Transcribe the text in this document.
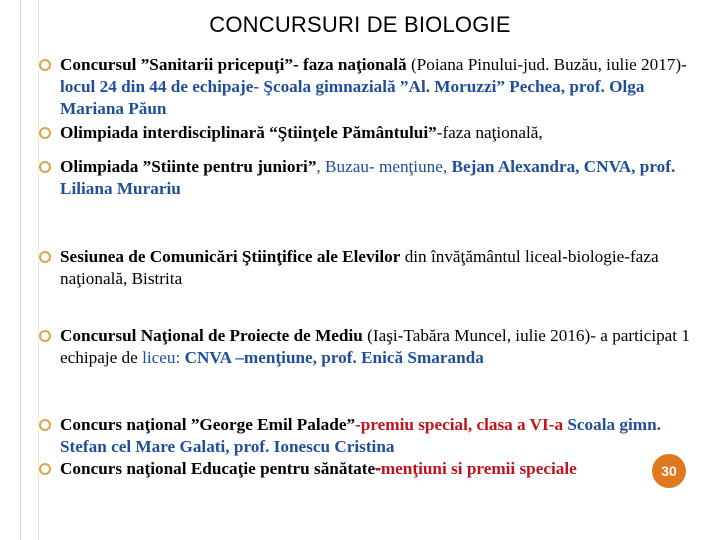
CONCURSURI DE BIOLOGIE
Concursul ”Sanitarii pricepuţi”- faza naţională (Poiana Pinului-jud. Buzău, iulie 2017)- locul 24 din 44 de echipaje- Şcoala gimnazială ”Al. Moruzzi” Pechea, prof. Olga Mariana Păun
Olimpiada interdisciplinară “Ştiinţele Pământului”-faza naţională,
Olimpiada ”Stiinte pentru juniori”, Buzau- menţiune, Bejan Alexandra, CNVA, prof. Liliana Murariu
Sesiunea de Comunicări Ştiinţifice ale Elevilor din învăţământul liceal-biologie-faza naţională, Bistrita
Concursul Naţional de Proiecte de Mediu (Iaşi-Tabăra Muncel, iulie 2016)- a participat 1 echipaje de liceu: CNVA –menţiune, prof. Enică Smaranda
Concurs naţional ”George Emil Palade”-premiu special, clasa a VI-a Scoala gimn. Stefan cel Mare Galati, prof. Ionescu Cristina
Concurs naţional Educaţie pentru sănătate-menţiuni si premii speciale	30
